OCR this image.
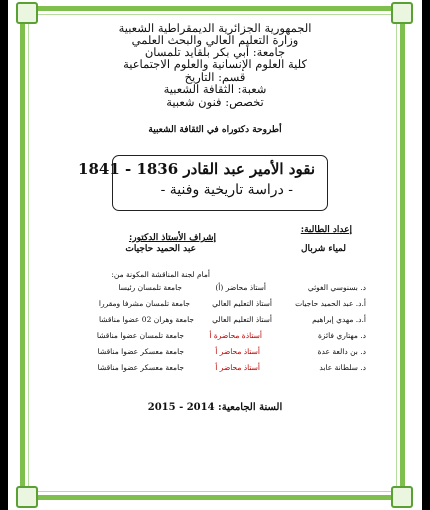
الجمهورية الجزائرية الديمقراطية الشعبية
وزارة التعليم العالي والبحث العلمي
جامعة: أبي بكر بلقايد تلمسان
كلية العلوم الإنسانية والعلوم الاجتماعية
قسم: التاريخ
شعبة: الثقافة الشعبية
تخصص: فنون شعبية
أطروحة دكتوراه في الثقافة الشعبية
نقود الأمير عبد القادر 1836 - 1841
- دراسة تاريخية وفنية -
إعداد الطالبة:
لمياء شربال
إشراف الأستاذ الدكتور:
عبد الحميد حاجيات
أمام لجنة المناقشة المكونة من:
د. بسنوسي الغوثي
أستاذ محاضر (أ)
جامعة تلمسان رئيسا
أ.د. عبد الحميد حاجيات
أستاذ التعليم العالي
جامعة تلمسان مشرفا ومقررا
أ.د. مهدي إبراهيم
أستاذ التعليم العالي
جامعة وهران 02 عضوا مناقشا
د. مهتاري فائزة
أستاذة محاضرة أ
جامعة تلمسان عضوا مناقشا
د. بن دالعة عدة
أستاذ محاضر أ
جامعة معسكر عضوا مناقشا
د. سلطانة عابد
أستاذ محاضر أ
جامعة معسكر عضوا مناقشا
السنة الجامعية: 2014 - 2015
